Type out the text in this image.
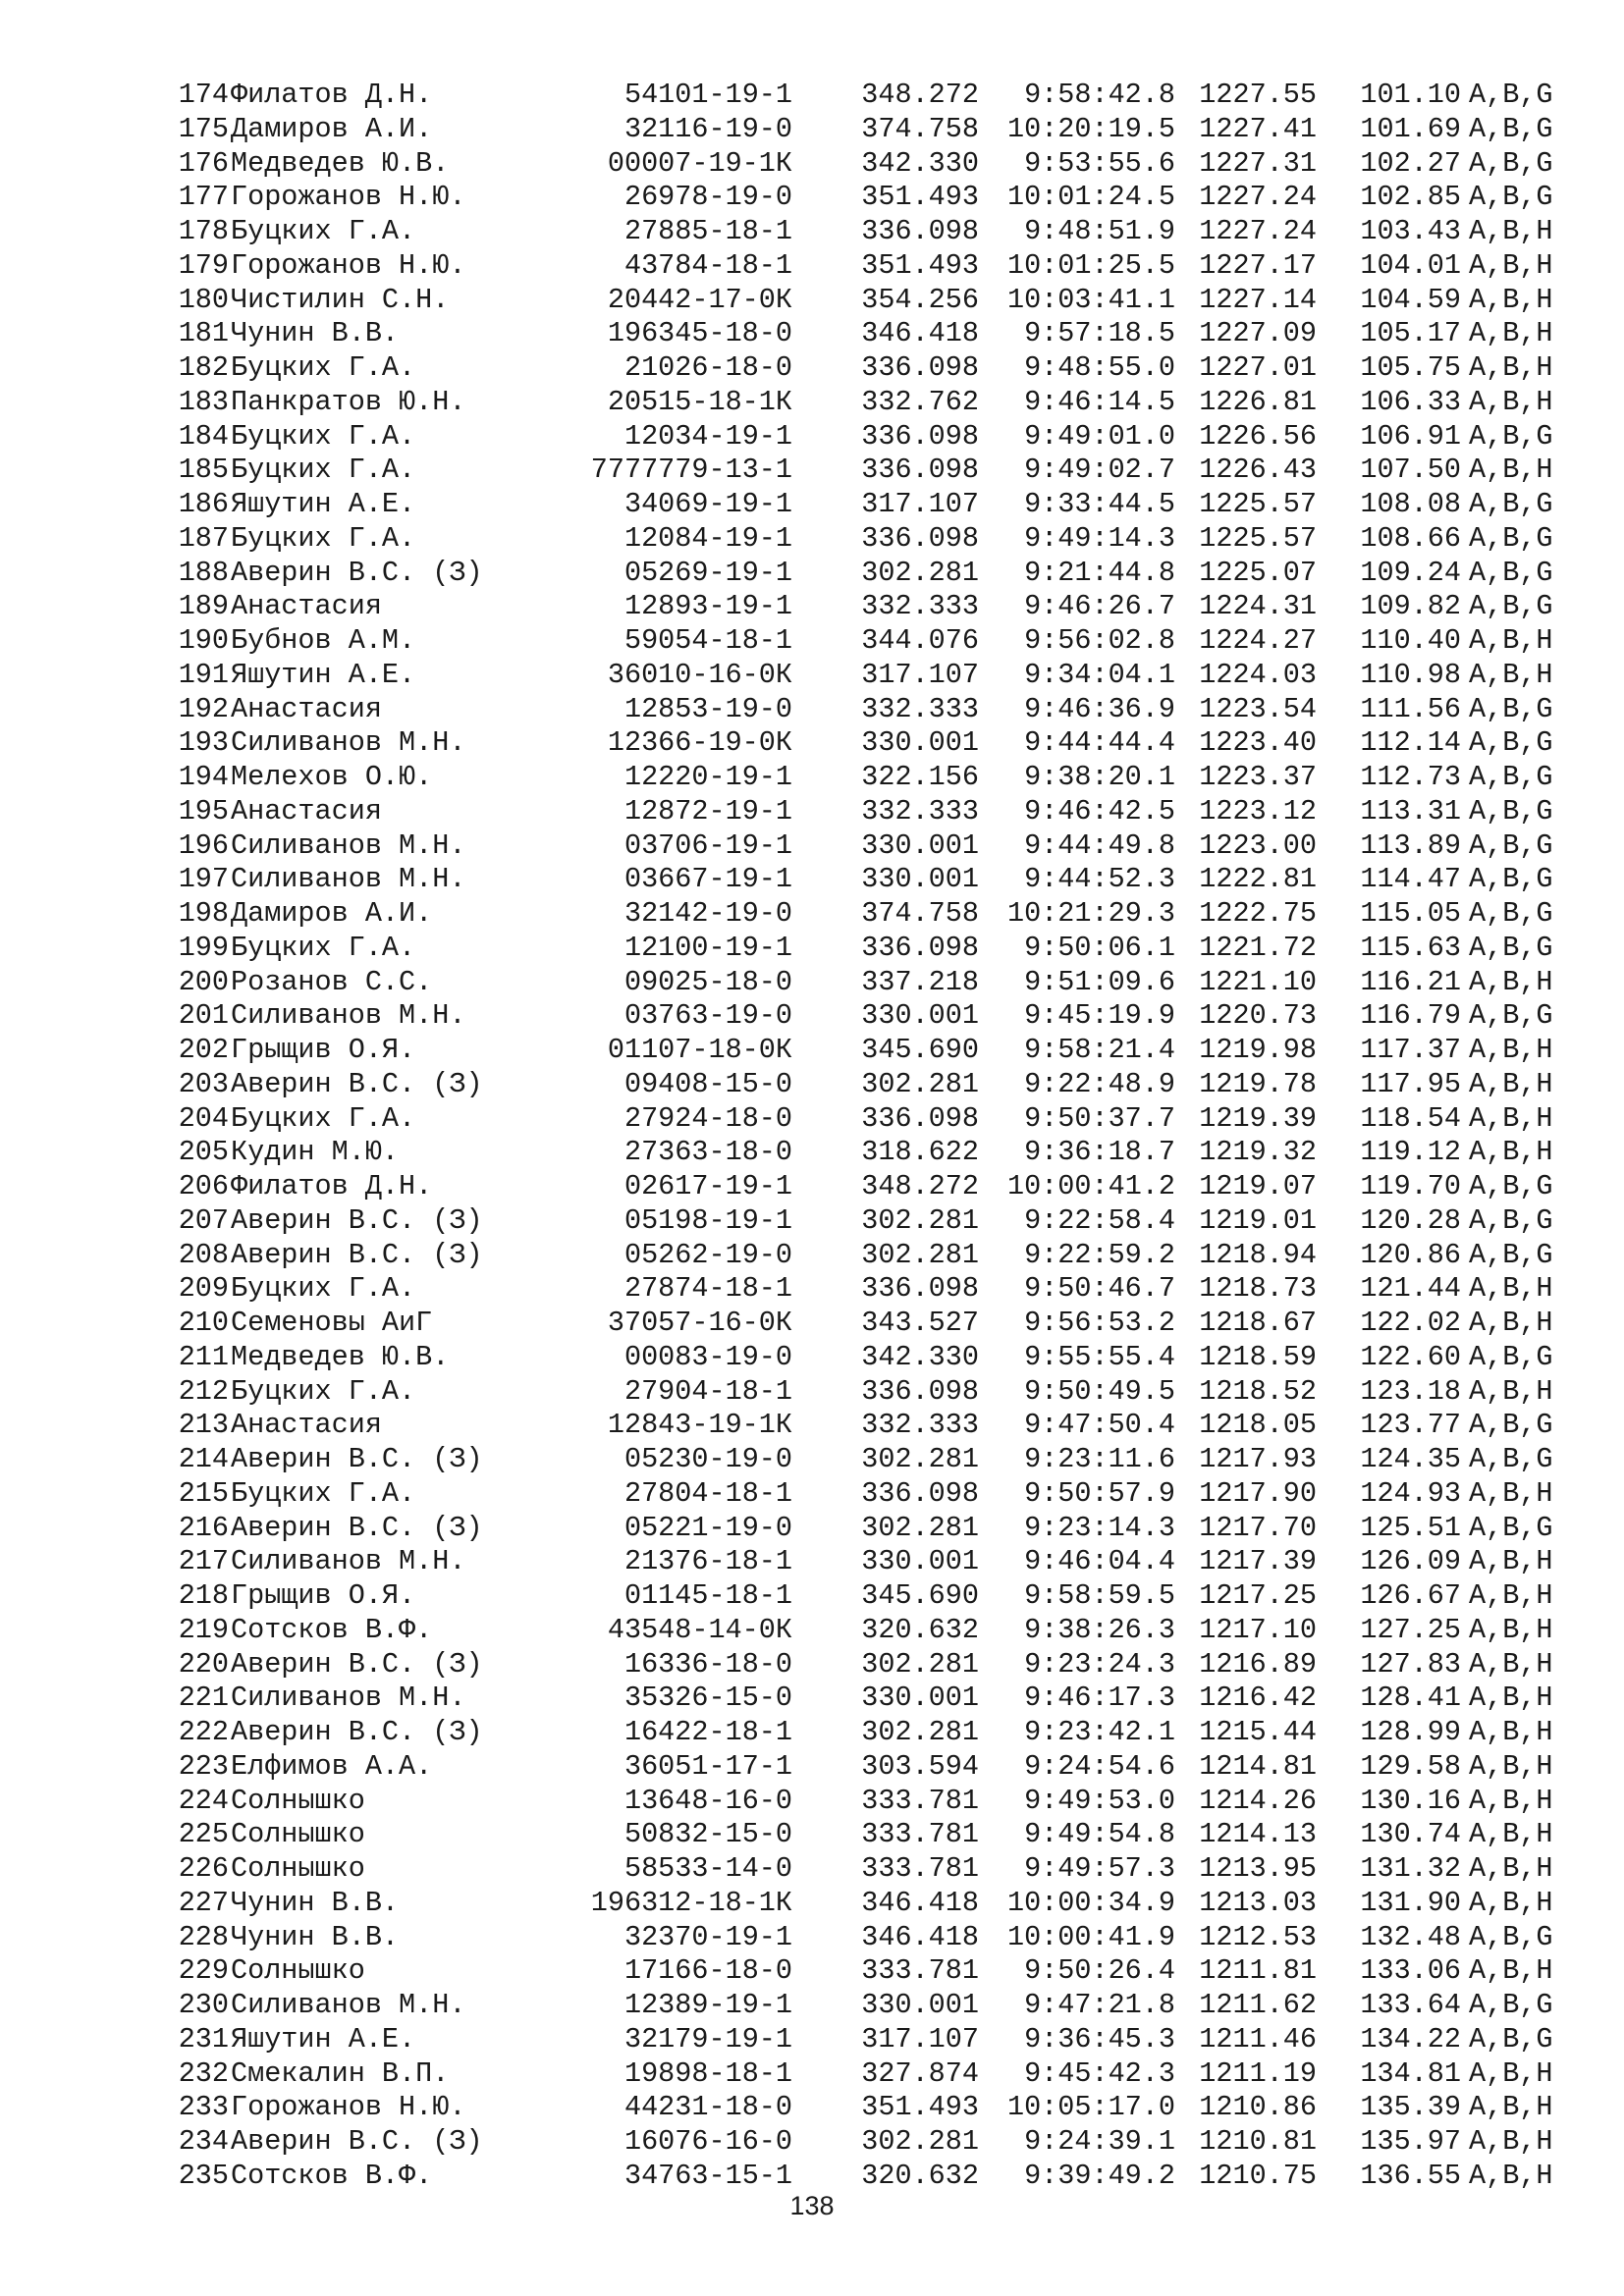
174 Филатов Д.Н.	54101-19-1 348.272 9:58:42.8 1227.55 101.10 A,B,G
175 Дамиров А.И.	32116-19-0 374.758 10:20:19.5 1227.41 101.69 A,B,G
176 Медведев Ю.В.	00007-19-1К 342.330 9:53:55.6 1227.31 102.27 A,B,G
177 Горожанов Н.Ю.	26978-19-0 351.493 10:01:24.5 1227.24 102.85 A,B,G
178 Буцких Г.А.	27885-18-1 336.098 9:48:51.9 1227.24 103.43 A,B,H
179 Горожанов Н.Ю.	43784-18-1 351.493 10:01:25.5 1227.17 104.01 A,B,H
180 Чистилин С.Н.	20442-17-0К 354.256 10:03:41.1 1227.14 104.59 A,B,H
181 Чунин В.В.	196345-18-0 346.418 9:57:18.5 1227.09 105.17 A,B,H
182 Буцких Г.А.	21026-18-0 336.098 9:48:55.0 1227.01 105.75 A,B,H
183 Панкратов Ю.Н.	20515-18-1К 332.762 9:46:14.5 1226.81 106.33 A,B,H
184 Буцких Г.А.	12034-19-1 336.098 9:49:01.0 1226.56 106.91 A,B,G
185 Буцких Г.А.	7777779-13-1 336.098 9:49:02.7 1226.43 107.50 A,B,H
186 Яшутин А.Е.	34069-19-1 317.107 9:33:44.5 1225.57 108.08 A,B,G
187 Буцких Г.А.	12084-19-1 336.098 9:49:14.3 1225.57 108.66 A,B,G
188 Аверин В.С. (З)	05269-19-1 302.281 9:21:44.8 1225.07 109.24 A,B,G
189 Анастасия	12893-19-1 332.333 9:46:26.7 1224.31 109.82 A,B,G
190 Бубнов А.М.	59054-18-1 344.076 9:56:02.8 1224.27 110.40 A,B,H
191 Яшутин А.Е.	36010-16-0К 317.107 9:34:04.1 1224.03 110.98 A,B,H
192 Анастасия	12853-19-0 332.333 9:46:36.9 1223.54 111.56 A,B,G
193 Силиванов М.Н.	12366-19-0К 330.001 9:44:44.4 1223.40 112.14 A,B,G
194 Мелехов О.Ю.	12220-19-1 322.156 9:38:20.1 1223.37 112.73 A,B,G
195 Анастасия	12872-19-1 332.333 9:46:42.5 1223.12 113.31 A,B,G
196 Силиванов М.Н.	03706-19-1 330.001 9:44:49.8 1223.00 113.89 A,B,G
197 Силиванов М.Н.	03667-19-1 330.001 9:44:52.3 1222.81 114.47 A,B,G
198 Дамиров А.И.	32142-19-0 374.758 10:21:29.3 1222.75 115.05 A,B,G
199 Буцких Г.А.	12100-19-1 336.098 9:50:06.1 1221.72 115.63 A,B,G
200 Розанов С.С.	09025-18-0 337.218 9:51:09.6 1221.10 116.21 A,B,H
201 Силиванов М.Н.	03763-19-0 330.001 9:45:19.9 1220.73 116.79 A,B,G
202 Грыщив О.Я.	01107-18-0К 345.690 9:58:21.4 1219.98 117.37 A,B,H
203 Аверин В.С. (З)	09408-15-0 302.281 9:22:48.9 1219.78 117.95 A,B,H
204 Буцких Г.А.	27924-18-0 336.098 9:50:37.7 1219.39 118.54 A,B,H
205 Кудин М.Ю.	27363-18-0 318.622 9:36:18.7 1219.32 119.12 A,B,H
206 Филатов Д.Н.	02617-19-1 348.272 10:00:41.2 1219.07 119.70 A,B,G
207 Аверин В.С. (З)	05198-19-1 302.281 9:22:58.4 1219.01 120.28 A,B,G
208 Аверин В.С. (З)	05262-19-0 302.281 9:22:59.2 1218.94 120.86 A,B,G
209 Буцких Г.А.	27874-18-1 336.098 9:50:46.7 1218.73 121.44 A,B,H
210 Семеновы АиГ	37057-16-0К 343.527 9:56:53.2 1218.67 122.02 A,B,H
211 Медведев Ю.В.	00083-19-0 342.330 9:55:55.4 1218.59 122.60 A,B,G
212 Буцких Г.А.	27904-18-1 336.098 9:50:49.5 1218.52 123.18 A,B,H
213 Анастасия	12843-19-1К 332.333 9:47:50.4 1218.05 123.77 A,B,G
214 Аверин В.С. (З)	05230-19-0 302.281 9:23:11.6 1217.93 124.35 A,B,G
215 Буцких Г.А.	27804-18-1 336.098 9:50:57.9 1217.90 124.93 A,B,H
216 Аверин В.С. (З)	05221-19-0 302.281 9:23:14.3 1217.70 125.51 A,B,G
217 Силиванов М.Н.	21376-18-1 330.001 9:46:04.4 1217.39 126.09 A,B,H
218 Грыщив О.Я.	01145-18-1 345.690 9:58:59.5 1217.25 126.67 A,B,H
219 Сотсков В.Ф.	43548-14-0К 320.632 9:38:26.3 1217.10 127.25 A,B,H
220 Аверин В.С. (З)	16336-18-0 302.281 9:23:24.3 1216.89 127.83 A,B,H
221 Силиванов М.Н.	35326-15-0 330.001 9:46:17.3 1216.42 128.41 A,B,H
222 Аверин В.С. (З)	16422-18-1 302.281 9:23:42.1 1215.44 128.99 A,B,H
223 Елфимов А.А.	36051-17-1 303.594 9:24:54.6 1214.81 129.58 A,B,H
224 Солнышко	13648-16-0 333.781 9:49:53.0 1214.26 130.16 A,B,H
225 Солнышко	50832-15-0 333.781 9:49:54.8 1214.13 130.74 A,B,H
226 Солнышко	58533-14-0 333.781 9:49:57.3 1213.95 131.32 A,B,H
227 Чунин В.В.	196312-18-1К 346.418 10:00:34.9 1213.03 131.90 A,B,H
228 Чунин В.В.	32370-19-1 346.418 10:00:41.9 1212.53 132.48 A,B,G
229 Солнышко	17166-18-0 333.781 9:50:26.4 1211.81 133.06 A,B,H
230 Силиванов М.Н.	12389-19-1 330.001 9:47:21.8 1211.62 133.64 A,B,G
231 Яшутин А.Е.	32179-19-1 317.107 9:36:45.3 1211.46 134.22 A,B,G
232 Смекалин В.П.	19898-18-1 327.874 9:45:42.3 1211.19 134.81 A,B,H
233 Горожанов Н.Ю.	44231-18-0 351.493 10:05:17.0 1210.86 135.39 A,B,H
234 Аверин В.С. (З)	16076-16-0 302.281 9:24:39.1 1210.81 135.97 A,B,H
235 Сотсков В.Ф.	34763-15-1 320.632 9:39:49.2 1210.75 136.55 A,B,H
138
